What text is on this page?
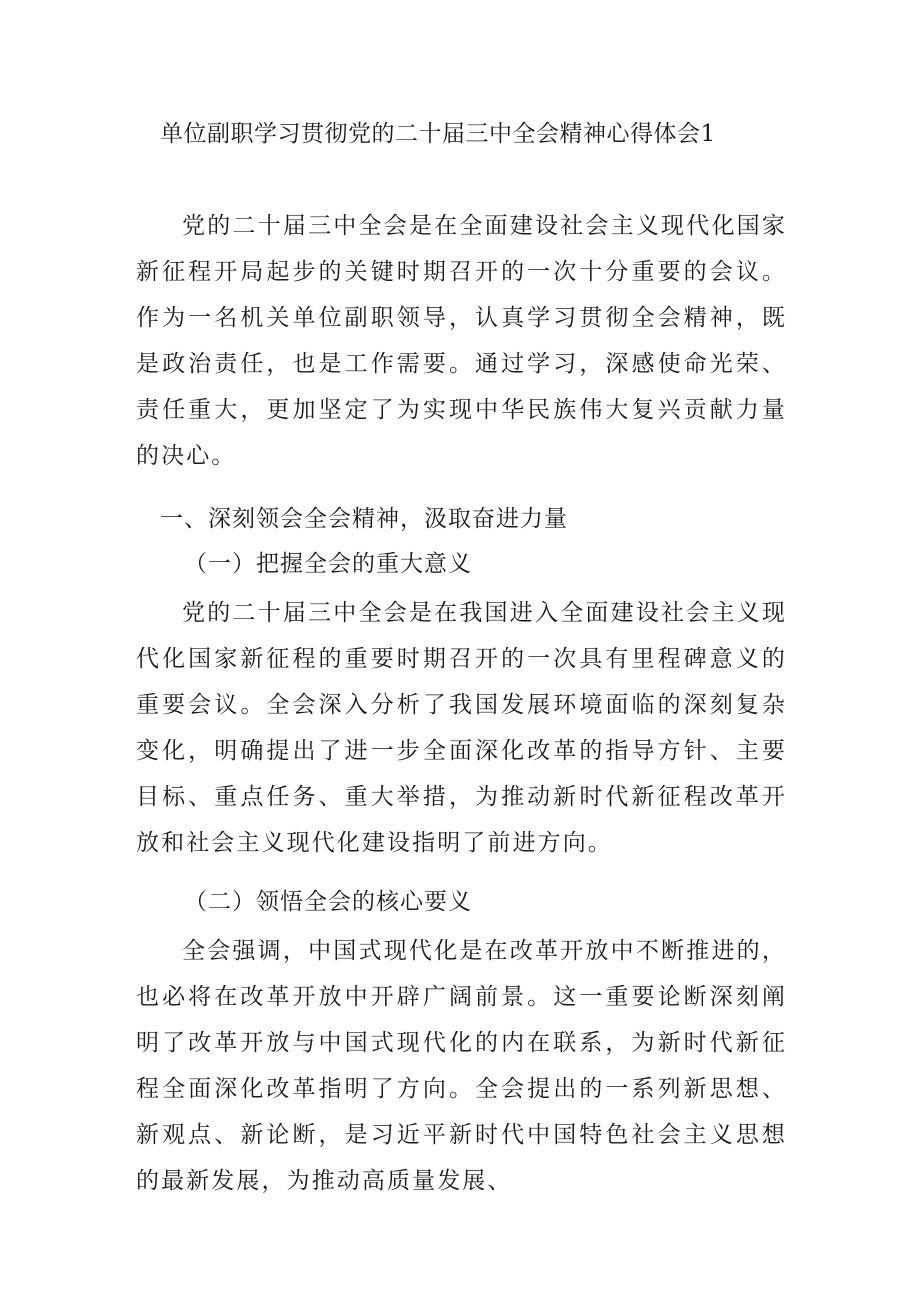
单位副职学习贯彻党的二十届三中全会精神心得体会1

党的二十届三中全会是在全面建设社会主义现代化国家新征程开局起步的关键时期召开的一次十分重要的会议。作为一名机关单位副职领导，认真学习贯彻全会精神，既是政治责任，也是工作需要。通过学习，深感使命光荣、责任重大，更加坚定了为实现中华民族伟大复兴贡献力量的决心。

一、深刻领会全会精神，汲取奋进力量
（一）把握全会的重大意义

党的二十届三中全会是在我国进入全面建设社会主义现代化国家新征程的重要时期召开的一次具有里程碑意义的重要会议。全会深入分析了我国发展环境面临的深刻复杂变化，明确提出了进一步全面深化改革的指导方针、主要目标、重点任务、重大举措，为推动新时代新征程改革开放和社会主义现代化建设指明了前进方向。

（二）领悟全会的核心要义

全会强调，中国式现代化是在改革开放中不断推进的，也必将在改革开放中开辟广阔前景。这一重要论断深刻阐明了改革开放与中国式现代化的内在联系，为新时代新征程全面深化改革指明了方向。全会提出的一系列新思想、新观点、新论断，是习近平新时代中国特色社会主义思想的最新发展，为推动高质量发展、
